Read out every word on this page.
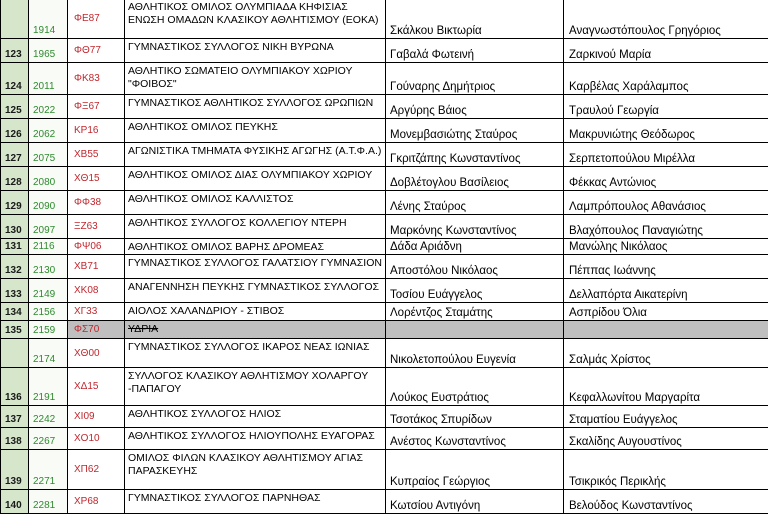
	1914	ΦΕ87	ΑΘΛΗΤΙΚΟΣ ΟΜΙΛΟΣ ΟΛΥΜΠΙΑΔΑ ΚΗΦΙΣΙΑΣ ΕΝΩΣΗ ΟΜΑΔΩΝ ΚΛΑΣΙΚΟΥ ΑΘΛΗΤΙΣΜΟΥ (ΕΟΚΑ)	Σκάλκου Βικτωρία	Αναγνωστόπουλος Γρηγόριος
123	1965	ΦΘ77	ΓΥΜΝΑΣΤΙΚΟΣ ΣΥΛΛΟΓΟΣ ΝΙΚΗ ΒΥΡΩΝΑ	Γαβαλά Φωτεινή	Ζαρκινού Μαρία
124	2011	ΦΚ83	ΑΘΛΗΤΙΚΟ ΣΩΜΑΤΕΙΟ ΟΛΥΜΠΙΑΚΟΥ ΧΩΡΙΟΥ "ΦΟΙΒΟΣ"	Γούναρης Δημήτριος	Καρβέλας Χαράλαμπος
125	2022	ΦΞ67	ΓΥΜΝΑΣΤΙΚΟΣ ΑΘΛΗΤΙΚΟΣ ΣΥΛΛΟΓΟΣ ΩΡΩΠΙΩΝ	Αργύρης Βάιος	Τραυλού Γεωργία
126	2062	ΚΡ16	ΑΘΛΗΤΙΚΟΣ ΟΜΙΛΟΣ ΠΕΥΚΗΣ	Μονεμβασιώτης Σταύρος	Μακρυνιώτης Θεόδωρος
127	2075	ΧΒ55	ΑΓΩΝΙΣΤΙΚΑ ΤΜΗΜΑΤΑ ΦΥΣΙΚΗΣ ΑΓΩΓΗΣ (Α.Τ.Φ.Α.)	Γκριτζάπης Κωνσταντίνος	Σερπετοπούλου Μιρέλλα
128	2080	ΧΘ15	ΑΘΛΗΤΙΚΟΣ ΟΜΙΛΟΣ ΔΙΑΣ ΟΛΥΜΠΙΑΚΟΥ ΧΩΡΙΟΥ	Δοβλέτογλου Βασίλειος	Φέκκας Αντώνιος
129	2090	ΦΦ38	ΑΘΛΗΤΙΚΟΣ ΟΜΙΛΟΣ ΚΑΛΛΙΣΤΟΣ	Λένης Σταύρος	Λαμπρόπουλος Αθανάσιος
130	2097	ΞΖ63	ΑΘΛΗΤΙΚΟΣ ΣΥΛΛΟΓΟΣ ΚΟΛΛΕΓΙΟΥ ΝΤΕΡΗ	Μαρκόνης Κωνσταντίνος	Βλαχόπουλος Παναγιώτης
131	2116	ΦΨ06	ΑΘΛΗΤΙΚΟΣ ΟΜΙΛΟΣ ΒΑΡΗΣ ΔΡΟΜΕΑΣ	Δάδα Αριάδνη	Μανώλης Νικόλαος
132	2130	ΧΒ71	ΓΥΜΝΑΣΤΙΚΟΣ ΣΥΛΛΟΓΟΣ ΓΑΛΑΤΣΙΟΥ ΓΥΜΝΑΣΙΟΝ	Αποστόλου Νικόλαος	Πέππας Ιωάννης
133	2149	ΧΚ08	ΑΝΑΓΕΝΝΗΣΗ ΠΕΥΚΗΣ ΓΥΜΝΑΣΤΙΚΟΣ ΣΥΛΛΟΓΟΣ	Τοσίου Ευάγγελος	Δελλαπόρτα Αικατερίνη
134	2156	ΧΓ33	ΑΙΟΛΟΣ ΧΑΛΑΝΔΡΙΟΥ - ΣΤΙΒΟΣ	Λορέντζος Σταμάτης	Ασπρίδου Όλια
135	2159	ΦΣ70	ΥΔΡΙΑ		
	2174	ΧΘ00	ΓΥΜΝΑΣΤΙΚΟΣ ΣΥΛΛΟΓΟΣ ΙΚΑΡΟΣ ΝΕΑΣ ΙΩΝΙΑΣ	Νικολετοπούλου Ευγενία	Σαλμάς Χρίστος
136	2191	ΧΔ15	ΣΥΛΛΟΓΟΣ ΚΛΑΣΙΚΟΥ ΑΘΛΗΤΙΣΜΟΥ ΧΟΛΑΡΓΟΥ -ΠΑΠΑΓΟΥ	Λούκος Ευστράτιος	Κεφαλλωνίτου Μαργαρίτα
137	2242	ΧΙ09	ΑΘΛΗΤΙΚΟΣ ΣΥΛΛΟΓΟΣ ΗΛΙΟΣ	Τσοτάκος Σπυρίδων	Σταματίου Ευάγγελος
138	2267	ΧΟ10	ΑΘΛΗΤΙΚΟΣ ΣΥΛΛΟΓΟΣ ΗΛΙΟΥΠΟΛΗΣ ΕΥΑΓΟΡΑΣ	Ανέστος Κωνσταντίνος	Σκαλίδης Αυγουστίνος
139	2271	ΧΠ62	ΟΜΙΛΟΣ ΦΙΛΩΝ ΚΛΑΣΙΚΟΥ ΑΘΛΗΤΙΣΜΟΥ ΑΓΙΑΣ ΠΑΡΑΣΚΕΥΗΣ	Κυπραίος Γεώργιος	Τσικρικός Περικλής
140	2281	ΧΡ68	ΓΥΜΝΑΣΤΙΚΟΣ ΣΥΛΛΟΓΟΣ ΠΑΡΝΗΘΑΣ	Κωτσίου Αντιγόνη	Βελούδος Κωνσταντίνος
